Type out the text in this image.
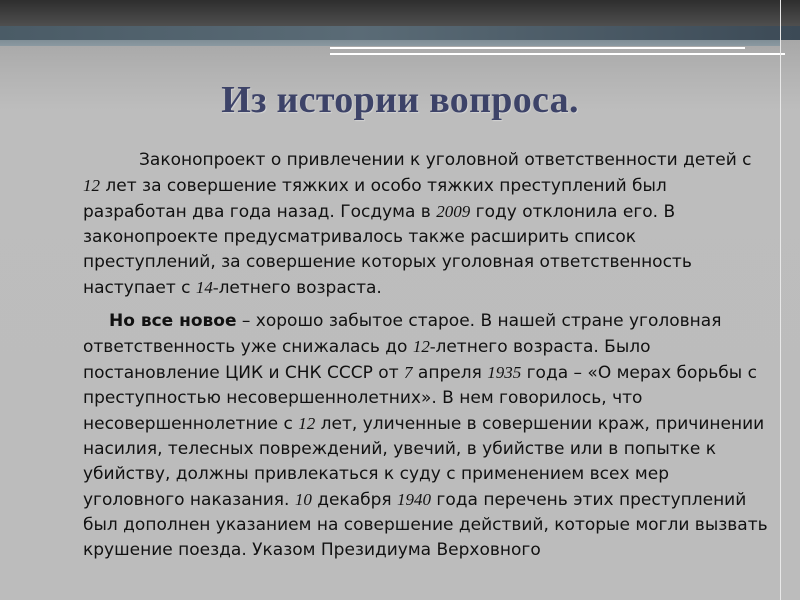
Из истории вопроса.

Законопроект о привлечении к уголовной ответственности детей с 12 лет за совершение тяжких и особо тяжких преступлений был разработан два года назад. Госдума в 2009 году отклонила его. В законопроекте предусматривалось также расширить список преступлений, за совершение которых уголовная ответственность наступает с 14-летнего возраста.

Но все новое – хорошо забытое старое. В нашей стране уголовная ответственность уже снижалась до 12-летнего возраста. Было постановление ЦИК и СНК СССР от 7 апреля 1935 года – «О мерах борьбы с преступностью несовершеннолетних». В нем говорилось, что несовершеннолетние с 12 лет, уличенные в совершении краж, причинении насилия, телесных повреждений, увечий, в убийстве или в попытке к убийству, должны привлекаться к суду с применением всех мер уголовного наказания. 10 декабря 1940 года перечень этих преступлений был дополнен указанием на совершение действий, которые могли вызвать крушение поезда. Указом Президиума Верховного
